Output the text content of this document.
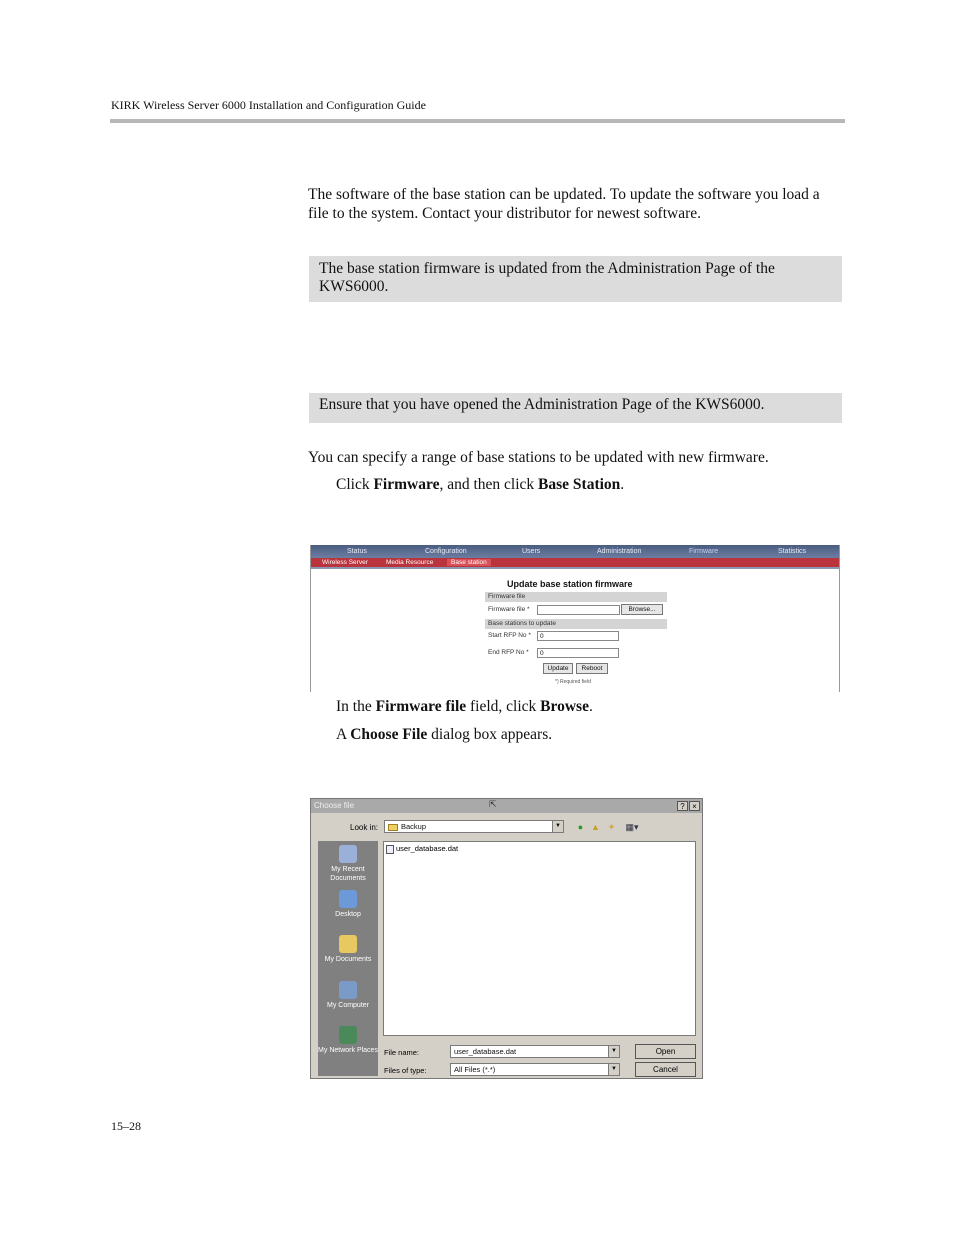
KIRK Wireless Server 6000 Installation and Configuration Guide
The software of the base station can be updated. To update the software you load a file to the system. Contact your distributor for newest software.
The base station firmware is updated from the Administration Page of the KWS6000.
Ensure that you have opened the Administration Page of the KWS6000.
You can specify a range of base stations to be updated with new firmware.
Click Firmware, and then click Base Station.
Status	Configuration	Users	Administration	Firmware	Statistics
Wireless Server	Media Resource	Base station
Update base station firmware
Firmware file
Firmware file *	Browse...
Base stations to update
Start RFP No *	0
End RFP No *	0
Update	Reboot
*) Required field
In the Firmware file field, click Browse.
A Choose File dialog box appears.
Choose file	? ×
⇱
Look in:	Backup	▼	● ▲ ✦ ▦▾
My Recent Documents
Desktop
My Documents
My Computer
My Network Places
user_database.dat
File name:	user_database.dat	▼	Open
Files of type:	All Files (*.*)	▼	Cancel
15–28
